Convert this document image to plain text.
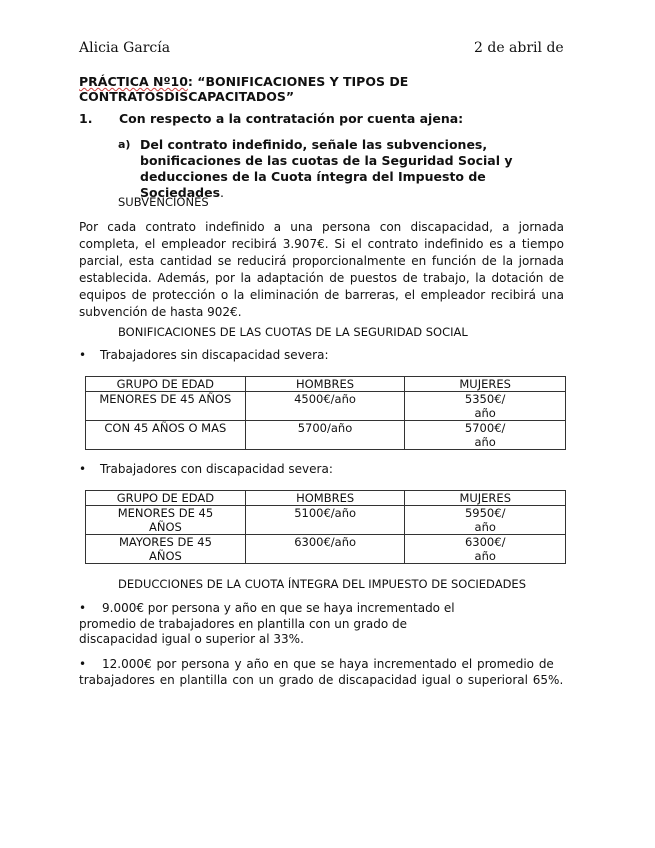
Alicia García	2 de abril de
PRÁCTICA Nº10: “BONIFICACIONES Y TIPOS DE CONTRATOSDISCAPACITADOS”
1. Con respecto a la contratación por cuenta ajena:
a) Del contrato indefinido, señale las subvenciones, bonificaciones de las cuotas de la Seguridad Social y deducciones de la Cuota íntegra del Impuesto de Sociedades.
SUBVENCIONES
Por cada contrato indefinido a una persona con discapacidad, a jornada completa, el empleador recibirá 3.907€. Si el contrato indefinido es a tiempo parcial, esta cantidad se reducirá proporcionalmente en función de la jornada establecida. Además, por la adaptación de puestos de trabajo, la dotación de equipos de protección o la eliminación de barreras, el empleador recibirá una subvención de hasta 902€.
BONIFICACIONES DE LAS CUOTAS DE LA SEGURIDAD SOCIAL
• Trabajadores sin discapacidad severa:
GRUPO DE EDAD	HOMBRES	MUJERES
MENORES DE 45 AÑOS	4500€/año	5350€/ año

CON 45 AÑOS O MAS	5700/año	5700€/ año
• Trabajadores con discapacidad severa:
GRUPO DE EDAD	HOMBRES	MUJERES

MENORES DE 45 AÑOS	5100€/año	5950€/ año

MAYORES DE 45 AÑOS	6300€/año	6300€/ año
DEDUCCIONES DE LA CUOTA ÍNTEGRA DEL IMPUESTO DE SOCIEDADES
•	9.000€ por persona y año en que se haya incrementado el promedio de trabajadores en plantilla con un grado de discapacidad igual o superior al 33%.
•	12.000€ por persona y año en que se haya incrementado el promedio de trabajadores en plantilla con un grado de discapacidad igual o superioral 65%.
